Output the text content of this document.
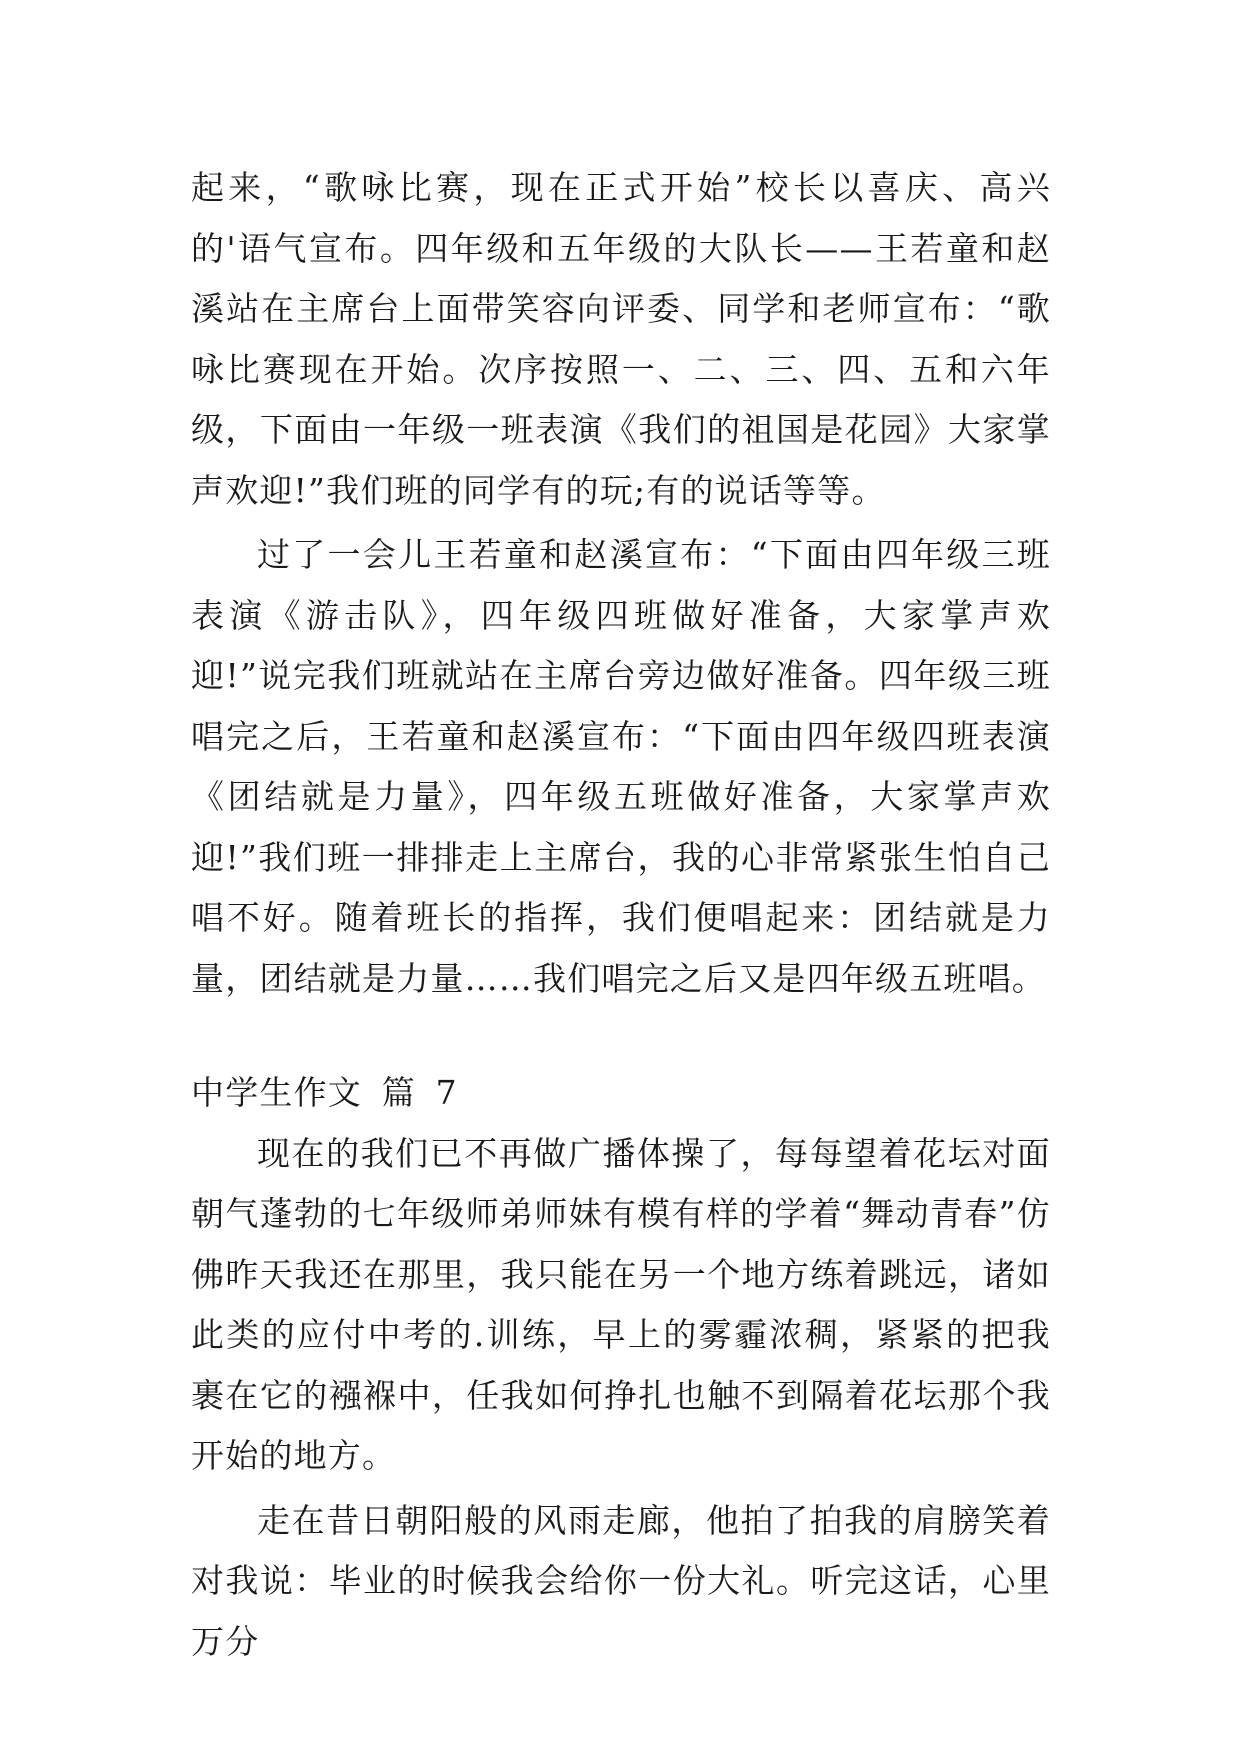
起来，“歌咏比赛，现在正式开始”校长以喜庆、高兴的'语气宣布。四年级和五年级的大队长——王若童和赵溪站在主席台上面带笑容向评委、同学和老师宣布：“歌咏比赛现在开始。次序按照一、二、三、四、五和六年级，下面由一年级一班表演《我们的祖国是花园》大家掌声欢迎!”我们班的同学有的玩;有的说话等等。

过了一会儿王若童和赵溪宣布：“下面由四年级三班表演《游击队》，四年级四班做好准备，大家掌声欢迎!”说完我们班就站在主席台旁边做好准备。四年级三班唱完之后，王若童和赵溪宣布：“下面由四年级四班表演《团结就是力量》，四年级五班做好准备，大家掌声欢迎!”我们班一排排走上主席台，我的心非常紧张生怕自己唱不好。随着班长的指挥，我们便唱起来：团结就是力量，团结就是力量……我们唱完之后又是四年级五班唱。

中学生作文 篇 7

现在的我们已不再做广播体操了，每每望着花坛对面朝气蓬勃的七年级师弟师妹有模有样的学着“舞动青春”仿佛昨天我还在那里，我只能在另一个地方练着跳远，诸如此类的应付中考的.训练，早上的雾霾浓稠，紧紧的把我裹在它的襁褓中，任我如何挣扎也触不到隔着花坛那个我开始的地方。

走在昔日朝阳般的风雨走廊，他拍了拍我的肩膀笑着对我说：毕业的时候我会给你一份大礼。听完这话，心里万分
